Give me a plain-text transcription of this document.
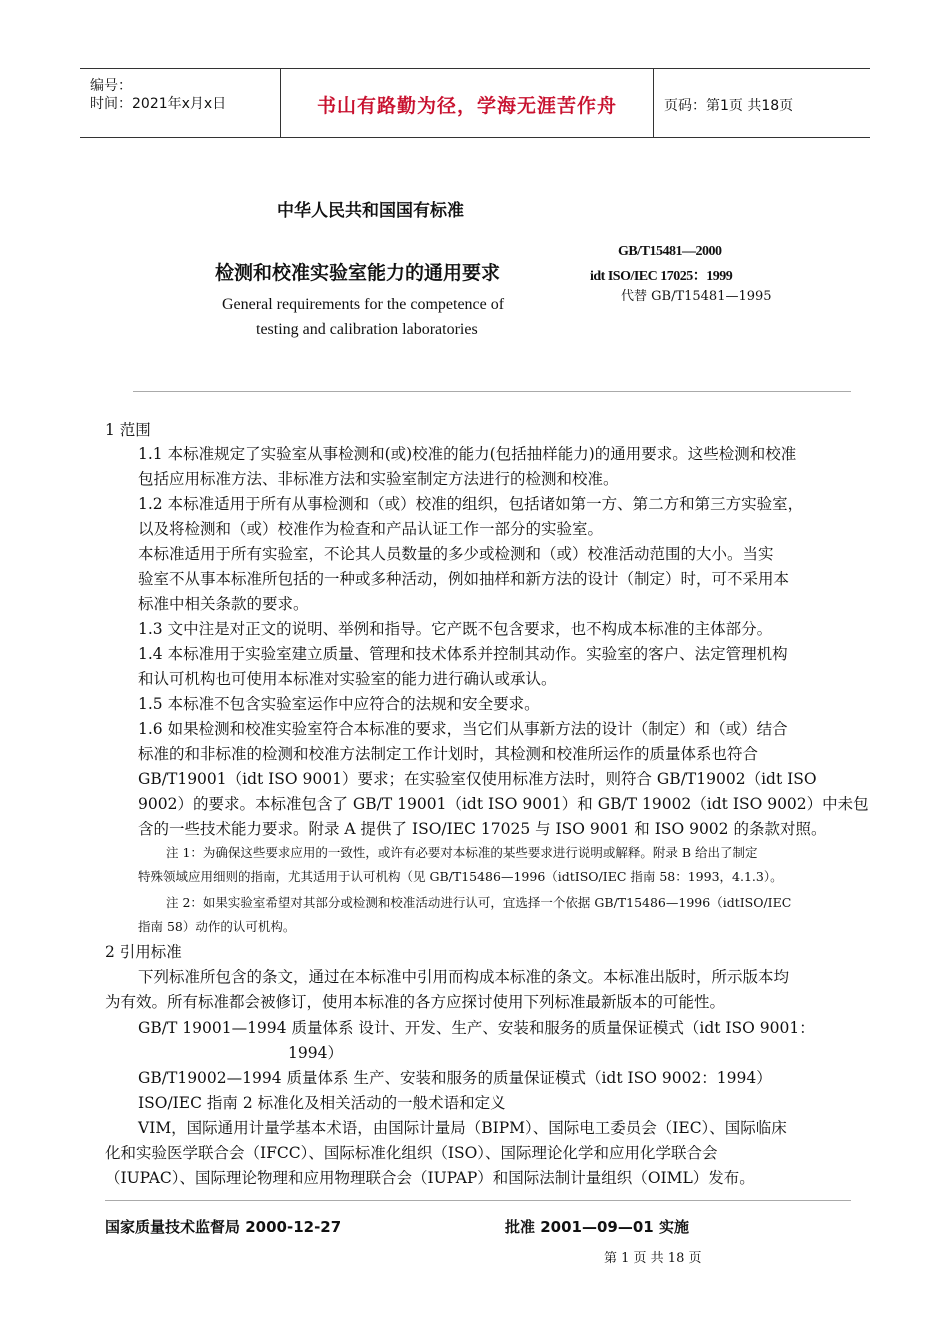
编号：
时间：2021年x月x日	书山有路勤为径，学海无涯苦作舟	页码：第1页 共18页
中华人民共和国国有标准
检测和校准实验室能力的通用要求
General requirements for the competence of
testing and calibration laboratories
GB/T15481—2000
idt ISO/IEC 17025：1999
代替 GB/T15481—1995
1 范围
1.1 本标准规定了实验室从事检测和(或)校准的能力(包括抽样能力)的通用要求。这些检测和校准
包括应用标准方法、非标准方法和实验室制定方法进行的检测和校准。
1.2 本标准适用于所有从事检测和（或）校准的组织，包括诸如第一方、第二方和第三方实验室，
以及将检测和（或）校准作为检查和产品认证工作一部分的实验室。
本标准适用于所有实验室，不论其人员数量的多少或检测和（或）校准活动范围的大小。当实
验室不从事本标准所包括的一种或多种活动，例如抽样和新方法的设计（制定）时，可不采用本
标准中相关条款的要求。
1.3 文中注是对正文的说明、举例和指导。它产既不包含要求，也不构成本标准的主体部分。
1.4 本标准用于实验室建立质量、管理和技术体系并控制其动作。实验室的客户、法定管理机构
和认可机构也可使用本标准对实验室的能力进行确认或承认。
1.5 本标准不包含实验室运作中应符合的法规和安全要求。
1.6 如果检测和校准实验室符合本标准的要求，当它们从事新方法的设计（制定）和（或）结合
标准的和非标准的检测和校准方法制定工作计划时，其检测和校准所运作的质量体系也符合
GB/T19001（idt ISO 9001）要求；在实验室仅使用标准方法时，则符合 GB/T19002（idt ISO
9002）的要求。本标准包含了 GB/T 19001（idt ISO 9001）和 GB/T 19002（idt ISO 9002）中未包
含的一些技术能力要求。附录 A 提供了 ISO/IEC 17025 与 ISO 9001 和 ISO 9002 的条款对照。
注 1：为确保这些要求应用的一致性，或许有必要对本标准的某些要求进行说明或解释。附录 B 给出了制定
特殊领域应用细则的指南，尤其适用于认可机构（见 GB/T15486—1996（idtISO/IEC 指南 58：1993，4.1.3）。
注 2：如果实验室希望对其部分或检测和校准活动进行认可，宜选择一个依据 GB/T15486—1996（idtISO/IEC
指南 58）动作的认可机构。
2 引用标准
下列标准所包含的条文，通过在本标准中引用而构成本标准的条文。本标准出版时，所示版本均
为有效。所有标准都会被修订，使用本标准的各方应探讨使用下列标准最新版本的可能性。
GB/T 19001—1994 质量体系 设计、开发、生产、安装和服务的质量保证模式（idt ISO 9001：
1994）
GB/T19002—1994 质量体系 生产、安装和服务的质量保证模式（idt ISO 9002：1994）
ISO/IEC 指南 2 标准化及相关活动的一般术语和定义
VIM，国际通用计量学基本术语，由国际计量局（BIPM）、国际电工委员会（IEC）、国际临床
化和实验医学联合会（IFCC）、国际标准化组织（ISO）、国际理论化学和应用化学联合会
（IUPAC）、国际理论物理和应用物理联合会（IUPAP）和国际法制计量组织（OIML）发布。
国家质量技术监督局 2000-12-27	批准 2001—09—01 实施
第 1 页 共 18 页
